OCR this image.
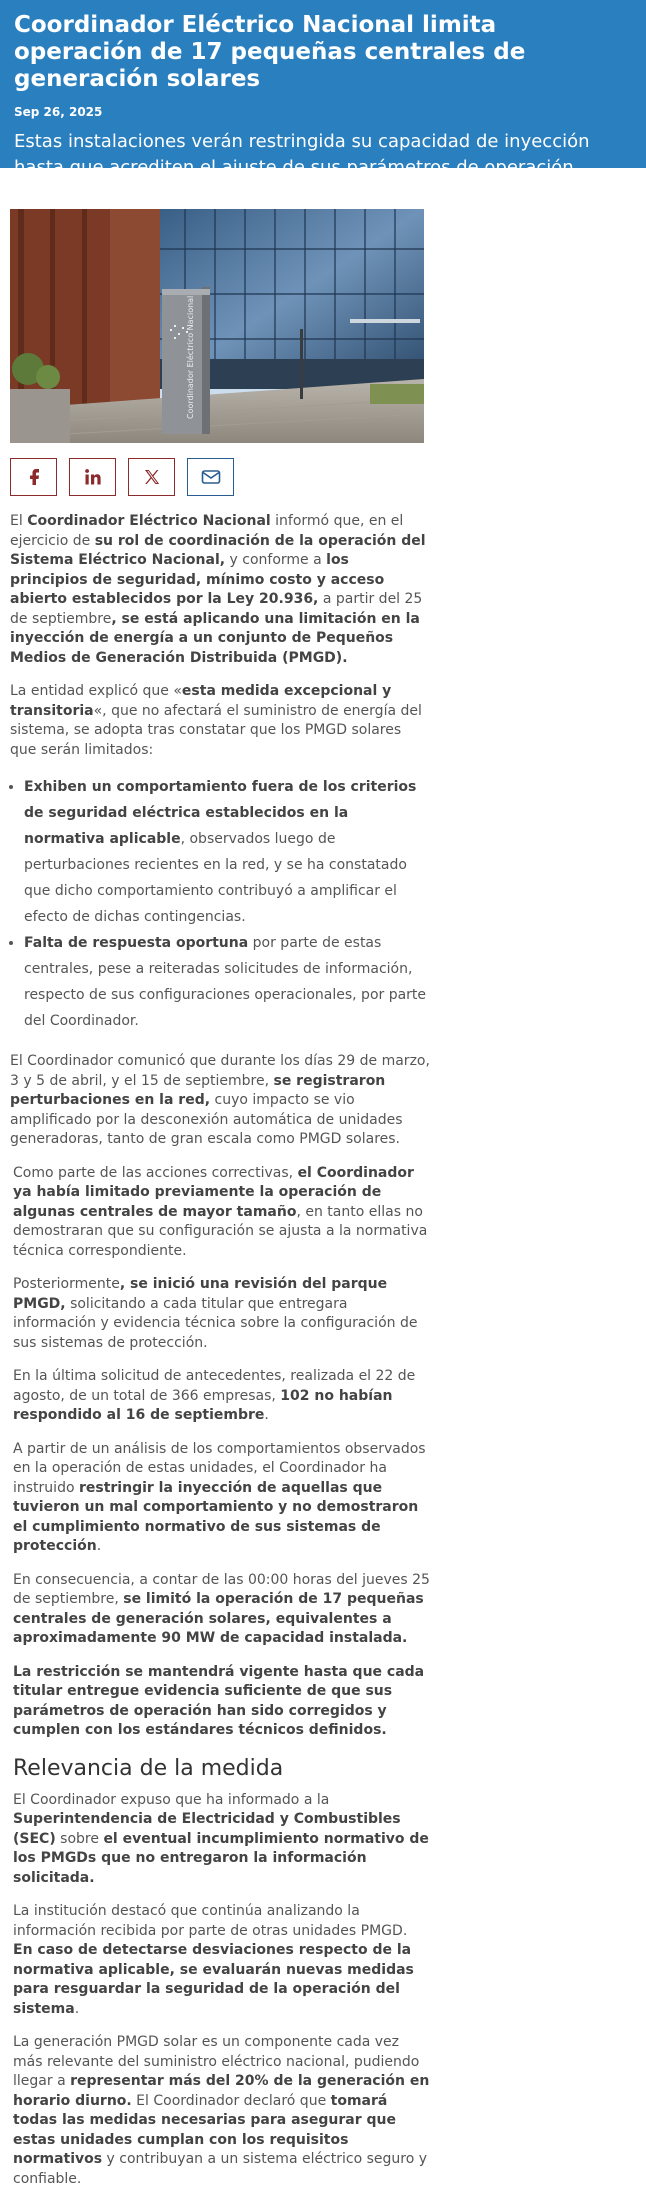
Coordinador Eléctrico Nacional limita operación de 17 pequeñas centrales de generación solares
Sep 26, 2025
Estas instalaciones verán restringida su capacidad de inyección hasta que acrediten el ajuste de sus parámetros de operación según la normativa vigente.
Coordinador Eléctrico Nacional

El Coordinador Eléctrico Nacional informó que, en el ejercicio de su rol de coordinación de la operación del Sistema Eléctrico Nacional, y conforme a los principios de seguridad, mínimo costo y acceso abierto establecidos por la Ley 20.936, a partir del 25 de septiembre, se está aplicando una limitación en la inyección de energía a un conjunto de Pequeños Medios de Generación Distribuida (PMGD).

La entidad explicó que «esta medida excepcional y transitoria«, que no afectará el suministro de energía del sistema, se adopta tras constatar que los PMGD solares que serán limitados:

• Exhiben un comportamiento fuera de los criterios de seguridad eléctrica establecidos en la normativa aplicable, observados luego de perturbaciones recientes en la red, y se ha constatado que dicho comportamiento contribuyó a amplificar el efecto de dichas contingencias.
• Falta de respuesta oportuna por parte de estas centrales, pese a reiteradas solicitudes de información, respecto de sus configuraciones operacionales, por parte del Coordinador.

El Coordinador comunicó que durante los días 29 de marzo, 3 y 5 de abril, y el 15 de septiembre, se registraron perturbaciones en la red, cuyo impacto se vio amplificado por la desconexión automática de unidades generadoras, tanto de gran escala como PMGD solares.

Como parte de las acciones correctivas, el Coordinador ya había limitado previamente la operación de algunas centrales de mayor tamaño, en tanto ellas no demostraran que su configuración se ajusta a la normativa técnica correspondiente.

Posteriormente, se inició una revisión del parque PMGD, solicitando a cada titular que entregara información y evidencia técnica sobre la configuración de sus sistemas de protección.

En la última solicitud de antecedentes, realizada el 22 de agosto, de un total de 366 empresas, 102 no habían respondido al 16 de septiembre.

A partir de un análisis de los comportamientos observados en la operación de estas unidades, el Coordinador ha instruido restringir la inyección de aquellas que tuvieron un mal comportamiento y no demostraron el cumplimiento normativo de sus sistemas de protección.

En consecuencia, a contar de las 00:00 horas del jueves 25 de septiembre, se limitó la operación de 17 pequeñas centrales de generación solares, equivalentes a aproximadamente 90 MW de capacidad instalada.

La restricción se mantendrá vigente hasta que cada titular entregue evidencia suficiente de que sus parámetros de operación han sido corregidos y cumplen con los estándares técnicos definidos.

Relevancia de la medida

El Coordinador expuso que ha informado a la Superintendencia de Electricidad y Combustibles (SEC) sobre el eventual incumplimiento normativo de los PMGDs que no entregaron la información solicitada.

La institución destacó que continúa analizando la información recibida por parte de otras unidades PMGD. En caso de detectarse desviaciones respecto de la normativa aplicable, se evaluarán nuevas medidas para resguardar la seguridad de la operación del sistema.

La generación PMGD solar es un componente cada vez más relevante del suministro eléctrico nacional, pudiendo llegar a representar más del 20% de la generación en horario diurno. El Coordinador declaró que tomará todas las medidas necesarias para asegurar que estas unidades cumplan con los requisitos normativos y contribuyan a un sistema eléctrico seguro y confiable.
